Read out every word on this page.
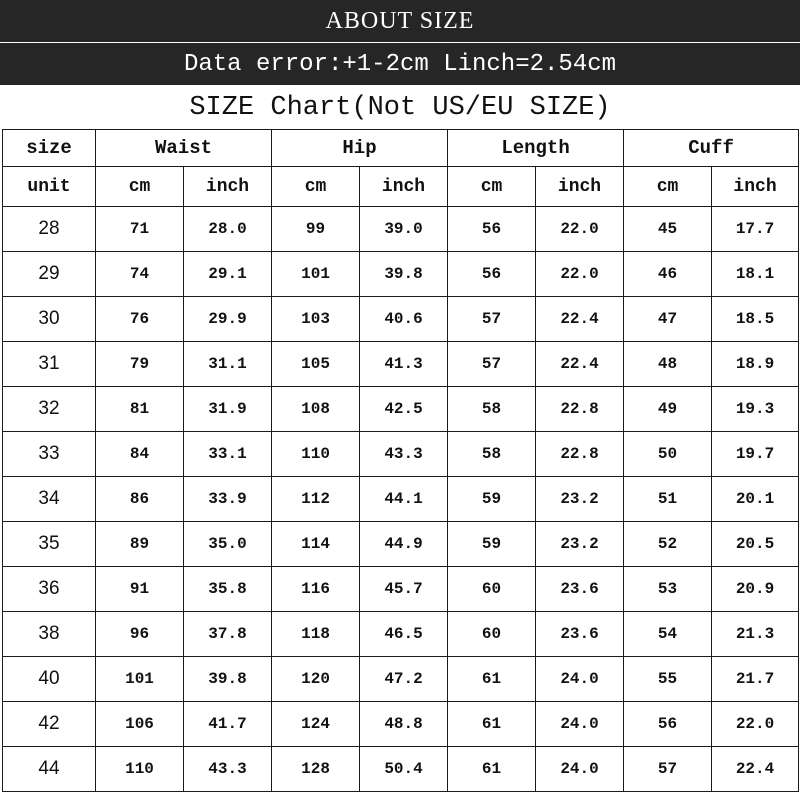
ABOUT SIZE
Data error:+1-2cm Linch=2.54cm
SIZE Chart(Not US/EU SIZE)
size	Waist		Hip		Length		Cuff	
unit	cm	inch	cm	inch	cm	inch	cm	inch
28	71	28.0	99	39.0	56	22.0	45	17.7
29	74	29.1	101	39.8	56	22.0	46	18.1
30	76	29.9	103	40.6	57	22.4	47	18.5
31	79	31.1	105	41.3	57	22.4	48	18.9
32	81	31.9	108	42.5	58	22.8	49	19.3
33	84	33.1	110	43.3	58	22.8	50	19.7
34	86	33.9	112	44.1	59	23.2	51	20.1
35	89	35.0	114	44.9	59	23.2	52	20.5
36	91	35.8	116	45.7	60	23.6	53	20.9
38	96	37.8	118	46.5	60	23.6	54	21.3
40	101	39.8	120	47.2	61	24.0	55	21.7
42	106	41.7	124	48.8	61	24.0	56	22.0
44	110	43.3	128	50.4	61	24.0	57	22.4
